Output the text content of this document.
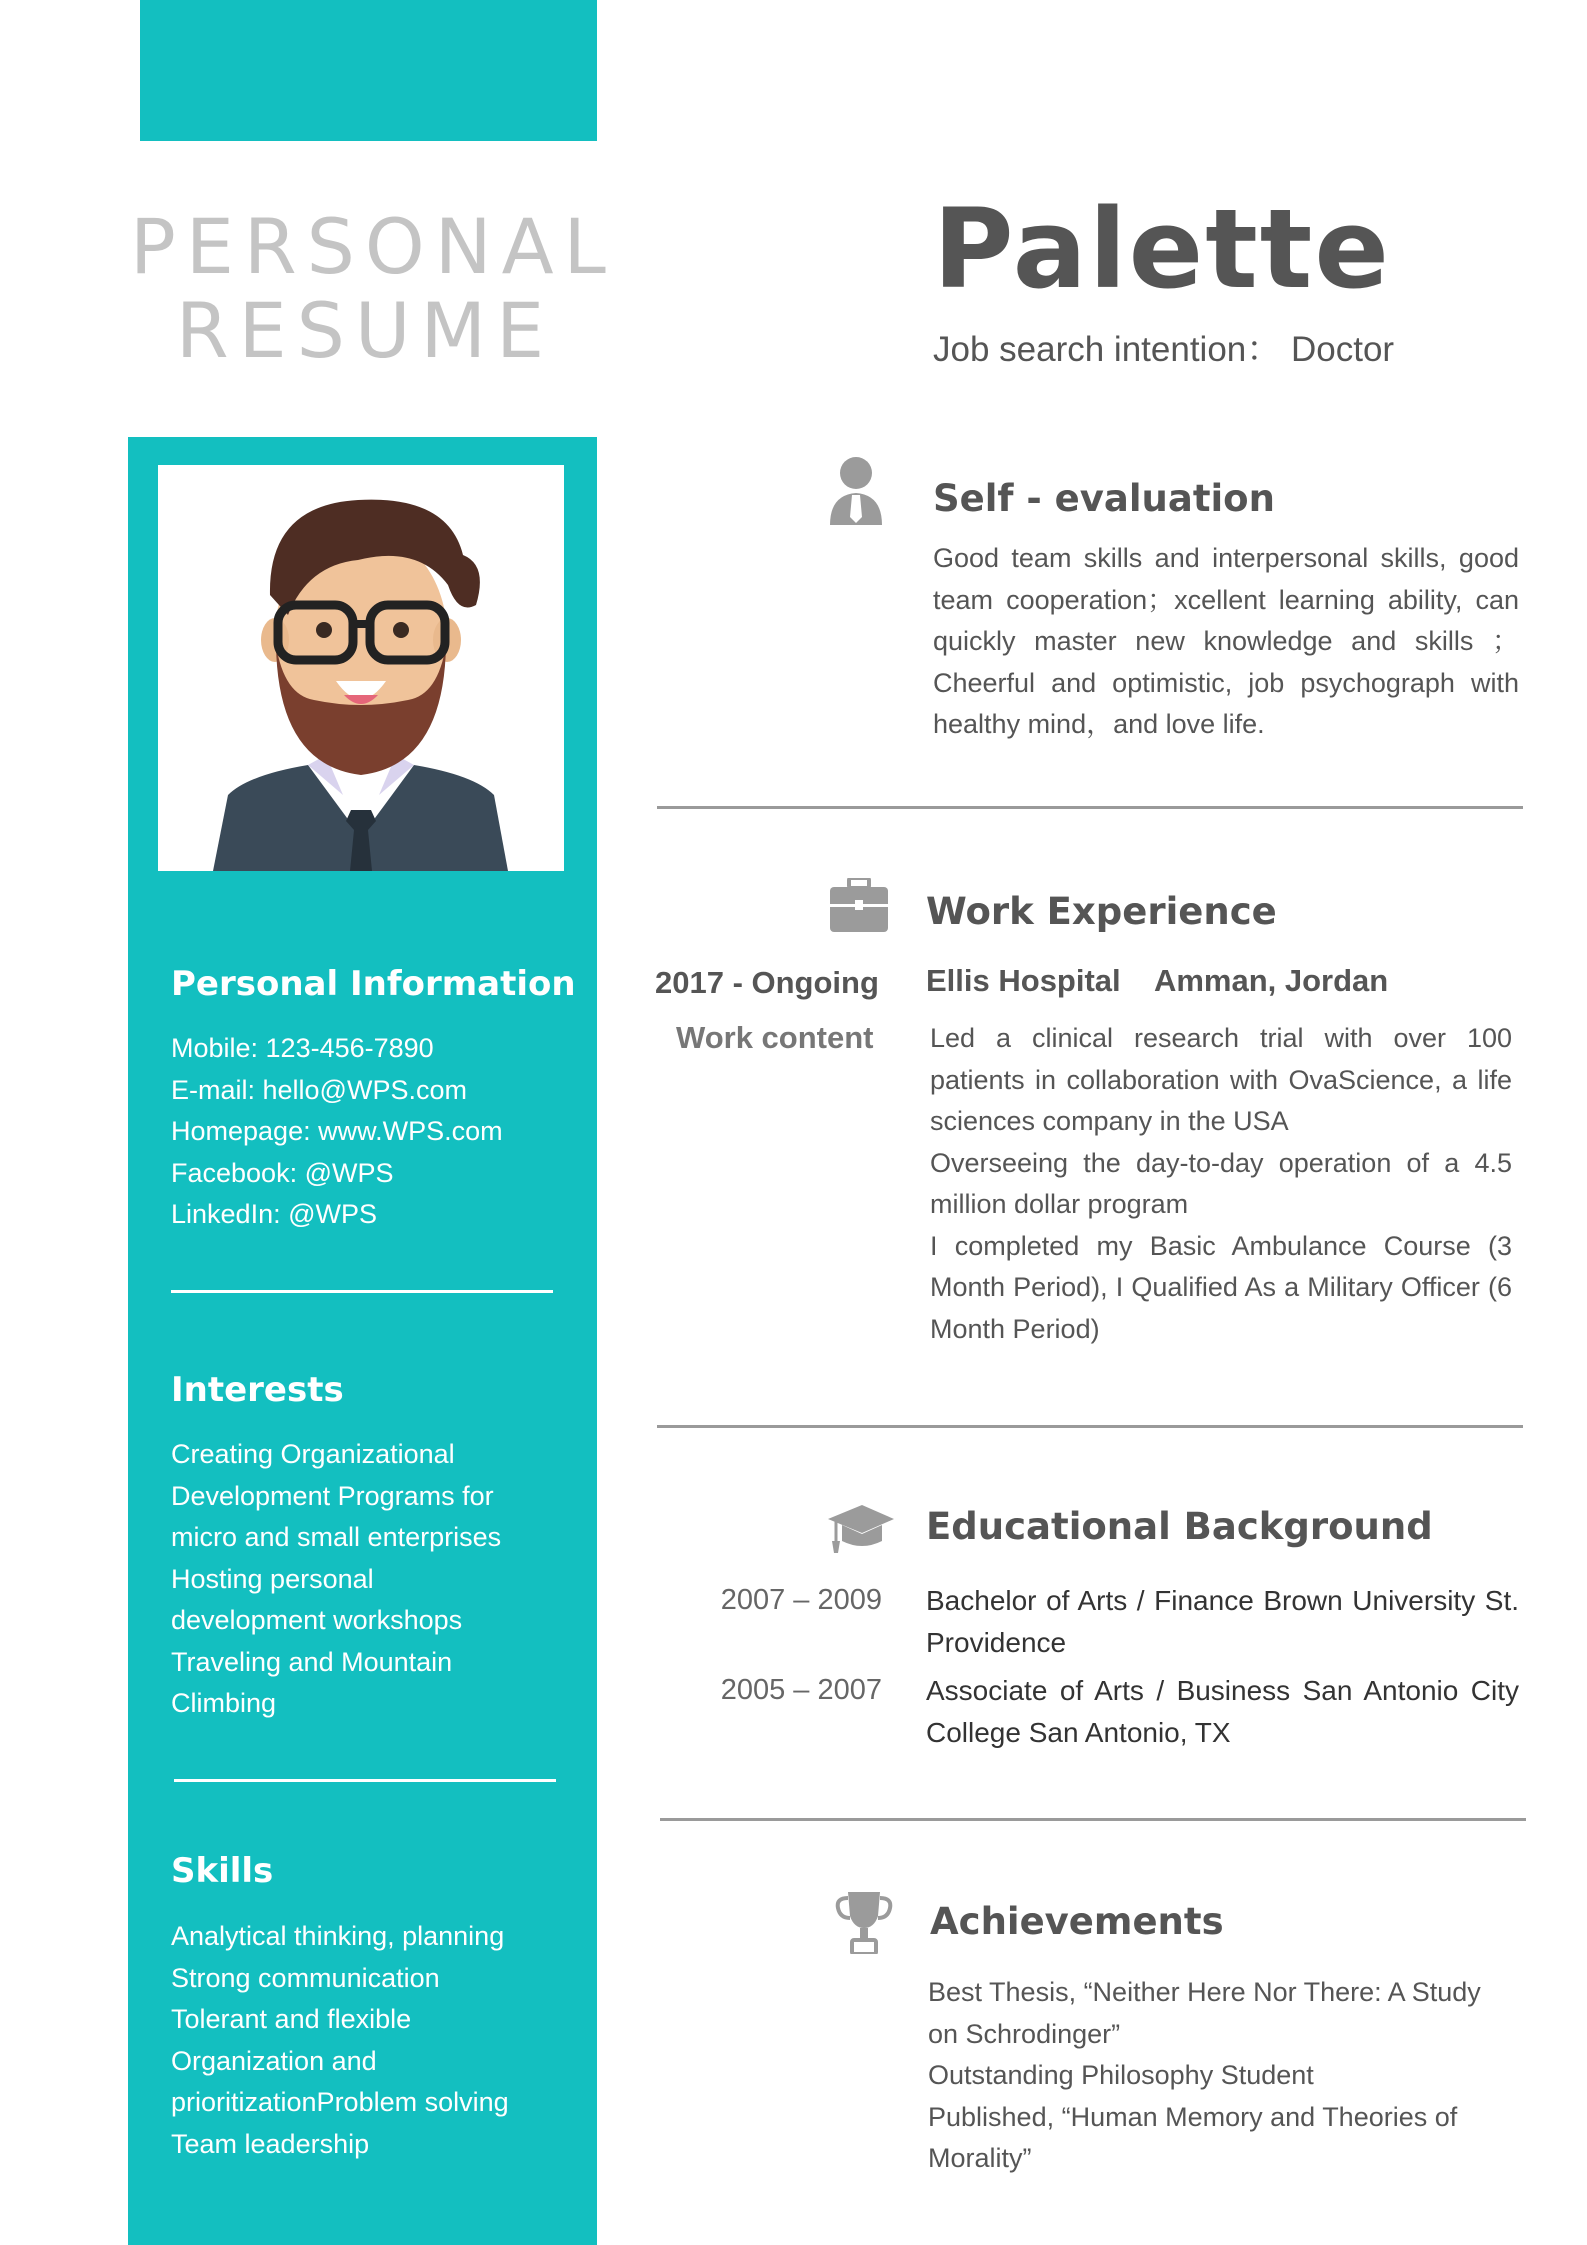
PERSONAL
RESUME
Personal Information
Mobile: 123-456-7890
E-mail: hello@WPS.com
Homepage: www.WPS.com
Facebook: @WPS
LinkedIn: @WPS
Interests
Creating Organizational
Development Programs for
micro and small enterprises
Hosting personal
development workshops
Traveling and Mountain
Climbing
Skills
Analytical thinking, planning
Strong communication
Tolerant and flexible
Organization and
prioritizationProblem solving
Team leadership
Palette
Job search intention： Doctor
Self - evaluation
Good team skills and interpersonal skills, good team cooperation；xcellent learning ability, can quickly master new knowledge and skills ；Cheerful and optimistic, job psychograph with healthy mind，and love life.
Work Experience
2017 - Ongoing Ellis Hospital    Amman, Jordan
Work content Led a clinical research trial with over 100 patients in collaboration with OvaScience, a life sciences company in the USA
Overseeing the day-to-day operation of a 4.5 million dollar program
I completed my Basic Ambulance Course (3 Month Period), I Qualified As a Military Officer (6 Month Period)
Educational Background
2007 – 2009 Bachelor of Arts / Finance Brown University St. Providence
2005 – 2007 Associate of Arts / Business San Antonio City College San Antonio, TX
Achievements
Best Thesis, “Neither Here Nor There: A Study on Schrodinger”
Outstanding Philosophy Student
Published, “Human Memory and Theories of Morality”
